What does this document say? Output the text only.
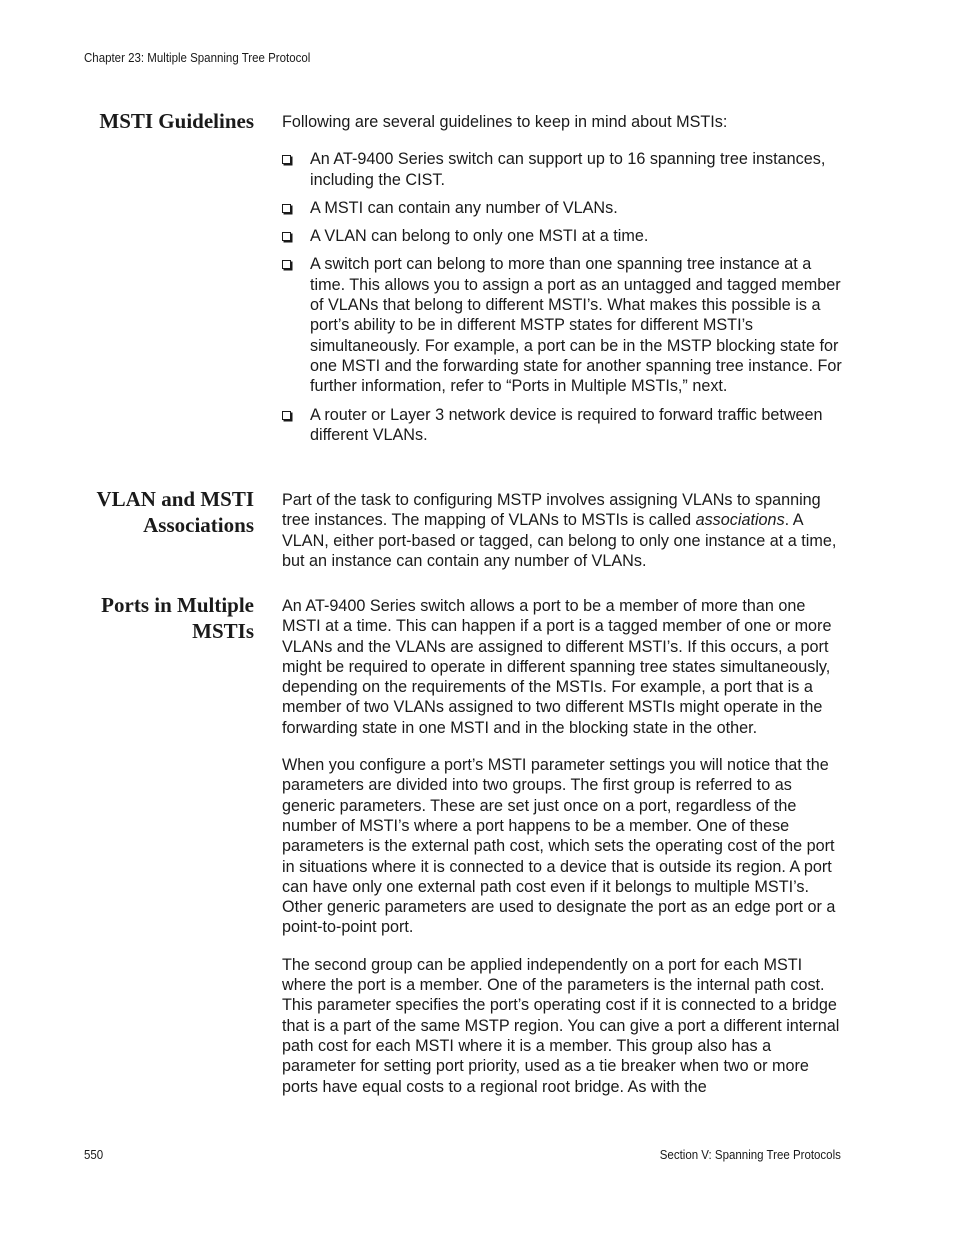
Chapter 23: Multiple Spanning Tree Protocol
MSTI Guidelines Following are several guidelines to keep in mind about MSTIs:

An AT-9400 Series switch can support up to 16 spanning tree instances, including the CIST.
A MSTI can contain any number of VLANs.
A VLAN can belong to only one MSTI at a time.
A switch port can belong to more than one spanning tree instance at a time. This allows you to assign a port as an untagged and tagged member of VLANs that belong to different MSTI’s. What makes this possible is a port’s ability to be in different MSTP states for different MSTI’s simultaneously. For example, a port can be in the MSTP blocking state for one MSTI and the forwarding state for another spanning tree instance. For further information, refer to “Ports in Multiple MSTIs,” next.
A router or Layer 3 network device is required to forward traffic between different VLANs.
VLAN and MSTI
Associations

Part of the task to configuring MSTP involves assigning VLANs to spanning tree instances. The mapping of VLANs to MSTIs is called associations. A VLAN, either port-based or tagged, can belong to only one instance at a time, but an instance can contain any number of VLANs.

Ports in Multiple
MSTIs

An AT-9400 Series switch allows a port to be a member of more than one MSTI at a time. This can happen if a port is a tagged member of one or more VLANs and the VLANs are assigned to different MSTI’s. If this occurs, a port might be required to operate in different spanning tree states simultaneously, depending on the requirements of the MSTIs. For example, a port that is a member of two VLANs assigned to two different MSTIs might operate in the forwarding state in one MSTI and in the blocking state in the other.

When you configure a port’s MSTI parameter settings you will notice that the parameters are divided into two groups. The first group is referred to as generic parameters. These are set just once on a port, regardless of the number of MSTI’s where a port happens to be a member. One of these parameters is the external path cost, which sets the operating cost of the port in situations where it is connected to a device that is outside its region. A port can have only one external path cost even if it belongs to multiple MSTI’s. Other generic parameters are used to designate the port as an edge port or a point-to-point port.

The second group can be applied independently on a port for each MSTI where the port is a member. One of the parameters is the internal path cost. This parameter specifies the port’s operating cost if it is connected to a bridge that is a part of the same MSTP region. You can give a port a different internal path cost for each MSTI where it is a member. This group also has a parameter for setting port priority, used as a tie breaker when two or more ports have equal costs to a regional root bridge. As with the

550	Section V: Spanning Tree Protocols
